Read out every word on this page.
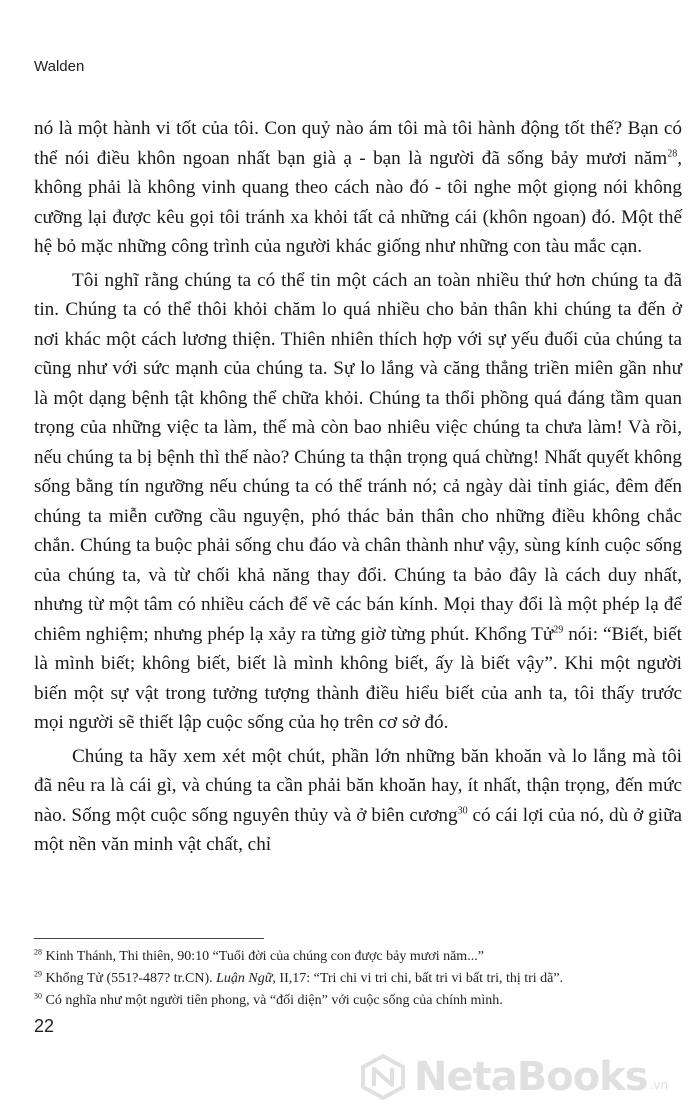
Walden

nó là một hành vi tốt của tôi. Con quỷ nào ám tôi mà tôi hành động tốt thế? Bạn có thể nói điều khôn ngoan nhất bạn già ạ - bạn là người đã sống bảy mươi năm$^{28}$, không phải là không vinh quang theo cách nào đó - tôi nghe một giọng nói không cưỡng lại được kêu gọi tôi tránh xa khỏi tất cả những cái (khôn ngoan) đó. Một thế hệ bỏ mặc những công trình của người khác giống như những con tàu mắc cạn.

Tôi nghĩ rằng chúng ta có thể tin một cách an toàn nhiều thứ hơn chúng ta đã tin. Chúng ta có thể thôi khỏi chăm lo quá nhiều cho bản thân khi chúng ta đến ở nơi khác một cách lương thiện. Thiên nhiên thích hợp với sự yếu đuối của chúng ta cũng như với sức mạnh của chúng ta. Sự lo lắng và căng thẳng triền miên gần như là một dạng bệnh tật không thể chữa khỏi. Chúng ta thổi phồng quá đáng tầm quan trọng của những việc ta làm, thế mà còn bao nhiêu việc chúng ta chưa làm! Và rồi, nếu chúng ta bị bệnh thì thế nào? Chúng ta thận trọng quá chừng! Nhất quyết không sống bằng tín ngưỡng nếu chúng ta có thể tránh nó; cả ngày dài tỉnh giác, đêm đến chúng ta miễn cưỡng cầu nguyện, phó thác bản thân cho những điều không chắc chắn. Chúng ta buộc phải sống chu đáo và chân thành như vậy, sùng kính cuộc sống của chúng ta, và từ chối khả năng thay đổi. Chúng ta bảo đây là cách duy nhất, nhưng từ một tâm có nhiều cách để vẽ các bán kính. Mọi thay đổi là một phép lạ để chiêm nghiệm; nhưng phép lạ xảy ra từng giờ từng phút. Khổng Tử$^{29}$ nói: “Biết, biết là mình biết; không biết, biết là mình không biết, ấy là biết vậy”. Khi một người biến một sự vật trong tưởng tượng thành điều hiểu biết của anh ta, tôi thấy trước mọi người sẽ thiết lập cuộc sống của họ trên cơ sở đó.

Chúng ta hãy xem xét một chút, phần lớn những băn khoăn và lo lắng mà tôi đã nêu ra là cái gì, và chúng ta cần phải băn khoăn hay, ít nhất, thận trọng, đến mức nào. Sống một cuộc sống nguyên thủy và ở biên cương$^{30}$ có cái lợi của nó, dù ở giữa một nền văn minh vật chất, chỉ

$^{28}$ Kinh Thánh, Thi thiên, 90:10 “Tuổi đời của chúng con được bảy mươi năm...”

$^{29}$ Khổng Tử (551?-487? tr.CN). Luận Ngữ, II,17: “Tri chi vi tri chi, bất tri vi bất tri, thị tri dã”.

$^{30}$ Có nghĩa như một người tiên phong, và “đối diện” với cuộc sống của chính mình.

22
NetaBooks .vn
